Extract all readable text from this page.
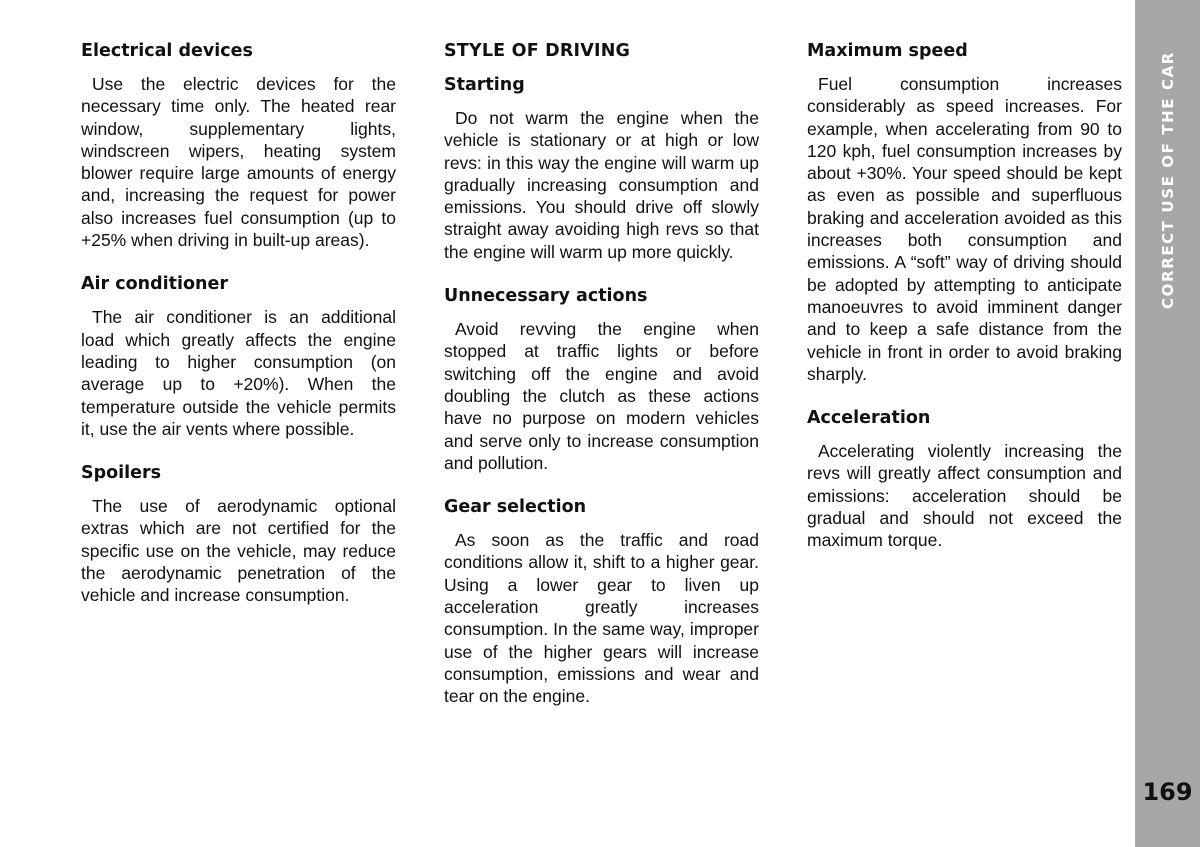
Electrical devices

Use the electric devices for the necessary time only. The heated rear window, supplementary lights, windscreen wipers, heating system blower require large amounts of energy and, increasing the request for power also increases fuel consumption (up to +25% when driving in built-up areas).

Air conditioner

The air conditioner is an additional load which greatly affects the engine leading to higher consumption (on average up to +20%). When the temperature outside the vehicle permits it, use the air vents where possible.

Spoilers

The use of aerodynamic optional extras which are not certified for the specific use on the vehicle, may reduce the aerodynamic penetration of the vehicle and increase consumption.

STYLE OF DRIVING
Starting

Do not warm the engine when the vehicle is stationary or at high or low revs: in this way the engine will warm up gradually increasing consumption and emissions. You should drive off slowly straight away avoiding high revs so that the engine will warm up more quickly.

Unnecessary actions

Avoid revving the engine when stopped at traffic lights or before switching off the engine and avoid doubling the clutch as these actions have no purpose on modern vehicles and serve only to increase consumption and pollution.

Gear selection

As soon as the traffic and road conditions allow it, shift to a higher gear. Using a lower gear to liven up acceleration greatly increases consumption. In the same way, improper use of the higher gears will increase consumption, emissions and wear and tear on the engine.

Maximum speed

Fuel consumption increases considerably as speed increases. For example, when accelerating from 90 to 120 kph, fuel consumption increases by about +30%. Your speed should be kept as even as possible and superfluous braking and acceleration avoided as this increases both consumption and emissions. A “soft” way of driving should be adopted by attempting to anticipate manoeuvres to avoid imminent danger and to keep a safe distance from the vehicle in front in order to avoid braking sharply.

Acceleration

Accelerating violently increasing the revs will greatly affect consumption and emissions: acceleration should be gradual and should not exceed the maximum torque.

CORRECT USE OF THE CAR
169
